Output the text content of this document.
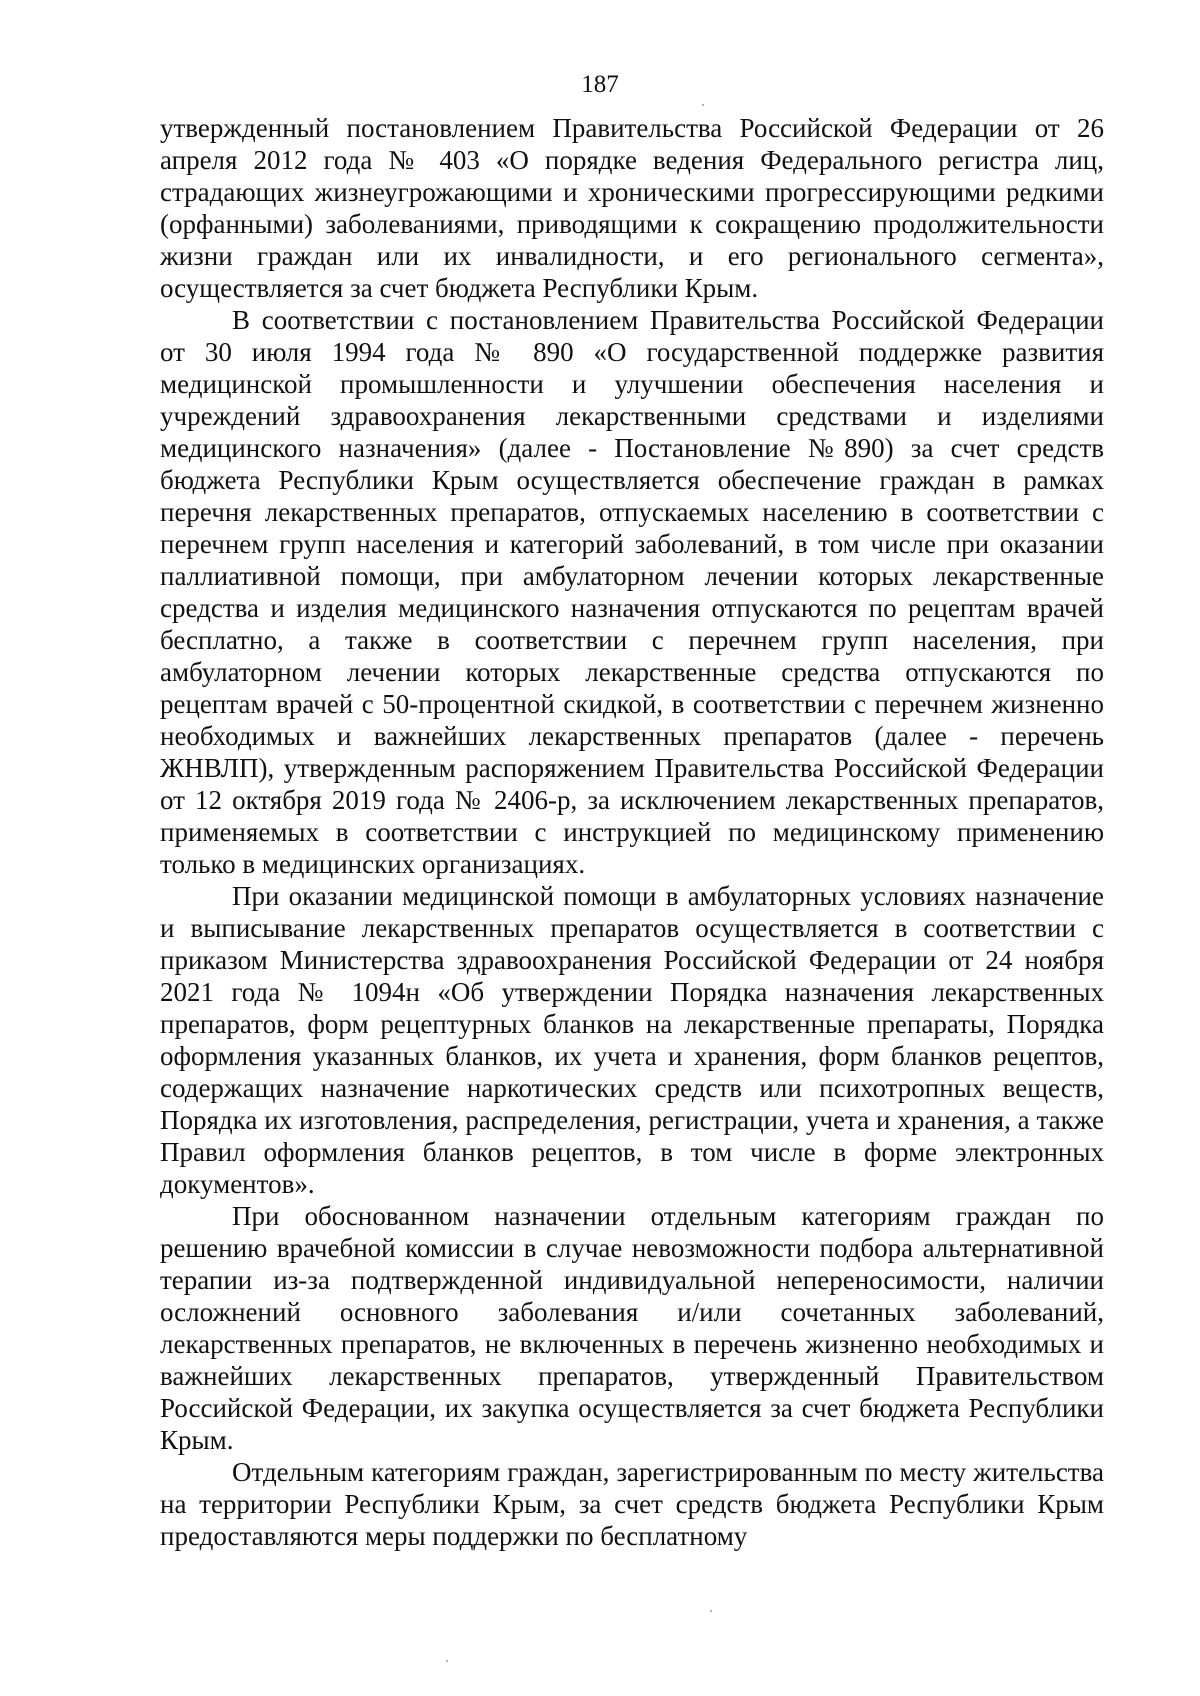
187

утвержденный постановлением Правительства Российской Федерации от 26 апреля 2012 года № 403 «О порядке ведения Федерального регистра лиц, страдающих жизнеугрожающими и хроническими прогрессирующими редкими (орфанными) заболеваниями, приводящими к сокращению продолжительности жизни граждан или их инвалидности, и его регионального сегмента», осуществляется за счет бюджета Республики Крым.

В соответствии с постановлением Правительства Российской Федерации от 30 июля 1994 года № 890 «О государственной поддержке развития медицинской промышленности и улучшении обеспечения населения и учреждений здравоохранения лекарственными средствами и изделиями медицинского назначения» (далее - Постановление №890) за счет средств бюджета Республики Крым осуществляется обеспечение граждан в рамках перечня лекарственных препаратов, отпускаемых населению в соответствии с перечнем групп населения и категорий заболеваний, в том числе при оказании паллиативной помощи, при амбулаторном лечении которых лекарственные средства и изделия медицинского назначения отпускаются по рецептам врачей бесплатно, а также в соответствии с перечнем групп населения, при амбулаторном лечении которых лекарственные средства отпускаются по рецептам врачей с 50-процентной скидкой, в соответствии с перечнем жизненно необходимых и важнейших лекарственных препаратов (далее - перечень ЖНВЛП), утвержденным распоряжением Правительства Российской Федерации от 12 октября 2019 года № 2406-р, за исключением лекарственных препаратов, применяемых в соответствии с инструкцией по медицинскому применению только в медицинских организациях.

При оказании медицинской помощи в амбулаторных условиях назначение и выписывание лекарственных препаратов осуществляется в соответствии с приказом Министерства здравоохранения Российской Федерации от 24 ноября 2021 года № 1094н «Об утверждении Порядка назначения лекарственных препаратов, форм рецептурных бланков на лекарственные препараты, Порядка оформления указанных бланков, их учета и хранения, форм бланков рецептов, содержащих назначение наркотических средств или психотропных веществ, Порядка их изготовления, распределения, регистрации, учета и хранения, а также Правил оформления бланков рецептов, в том числе в форме электронных документов».

При обоснованном назначении отдельным категориям граждан по решению врачебной комиссии в случае невозможности подбора альтернативной терапии из-за подтвержденной индивидуальной непереносимости, наличии осложнений основного заболевания и/или сочетанных заболеваний, лекарственных препаратов, не включенных в перечень жизненно необходимых и важнейших лекарственных препаратов, утвержденный Правительством Российской Федерации, их закупка осуществляется за счет бюджета Республики Крым.

Отдельным категориям граждан, зарегистрированным по месту жительства на территории Республики Крым, за счет средств бюджета Республики Крым предоставляются меры поддержки по бесплатному
